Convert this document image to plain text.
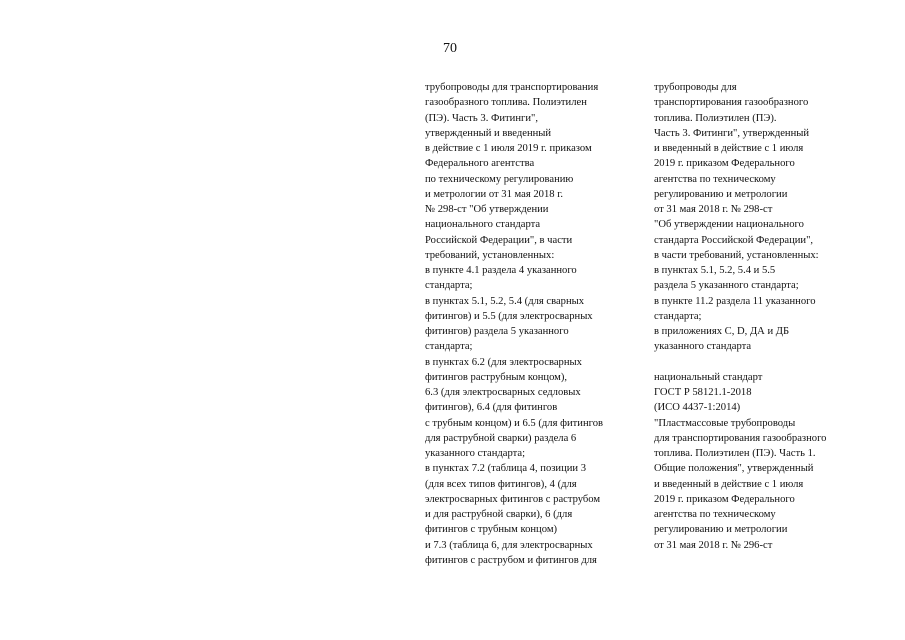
70
трубопроводы для транспортирования
газообразного топлива. Полиэтилен
(ПЭ). Часть 3. Фитинги",
утвержденный и введенный
в действие с 1 июля 2019 г. приказом
Федерального агентства
по техническому регулированию
и метрологии от 31 мая 2018 г.
№ 298-ст "Об утверждении
национального стандарта
Российской Федерации", в части
требований, установленных:
в пункте 4.1 раздела 4 указанного
стандарта;
в пунктах 5.1, 5.2, 5.4 (для сварных
фитингов) и 5.5 (для электросварных
фитингов) раздела 5 указанного
стандарта;
в пунктах 6.2 (для электросварных
фитингов раструбным концом),
6.3 (для электросварных седловых
фитингов), 6.4 (для фитингов
с трубным концом) и 6.5 (для фитингов
для раструбной сварки) раздела 6
указанного стандарта;
в пунктах 7.2 (таблица 4, позиции 3
(для всех типов фитингов), 4 (для
электросварных фитингов с раструбом
и для раструбной сварки), 6 (для
фитингов с трубным концом)
и 7.3 (таблица 6, для электросварных
фитингов с раструбом и фитингов для
трубопроводы для
транспортирования газообразного
топлива. Полиэтилен (ПЭ).
Часть 3. Фитинги", утвержденный
и введенный в действие с 1 июля
2019 г. приказом Федерального
агентства по техническому
регулированию и метрологии
от 31 мая 2018 г. № 298-ст
"Об утверждении национального
стандарта Российской Федерации",
в части требований, установленных:
в пунктах 5.1, 5.2, 5.4 и 5.5
раздела 5 указанного стандарта;
в пункте 11.2 раздела 11 указанного
стандарта;
в приложениях С, D, ДА и ДБ
указанного стандарта
национальный стандарт
ГОСТ Р 58121.1-2018
(ИСО 4437-1:2014)
"Пластмассовые трубопроводы
для транспортирования газообразного
топлива. Полиэтилен (ПЭ). Часть 1.
Общие положения", утвержденный
и введенный в действие с 1 июля
2019 г. приказом Федерального
агентства по техническому
регулированию и метрологии
от 31 мая 2018 г. № 296-ст
